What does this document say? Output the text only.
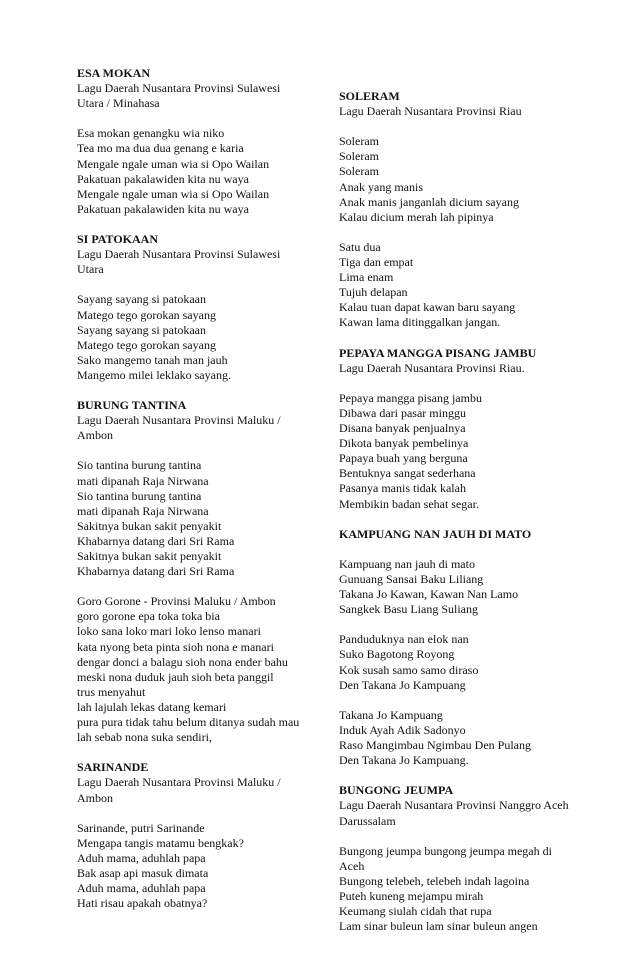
ESA MOKAN

Lagu Daerah Nusantara Provinsi Sulawesi Utara / Minahasa

Esa mokan genangku wia niko

Tea mo ma dua dua genang e karia

Mengale ngale uman wia si Opo Wailan

Pakatuan pakalawiden kita nu waya

Mengale ngale uman wia si Opo Wailan

Pakatuan pakalawiden kita nu waya

SI PATOKAAN

Lagu Daerah Nusantara Provinsi Sulawesi Utara

Sayang sayang si patokaan

Matego tego gorokan sayang

Sayang sayang si patokaan

Matego tego gorokan sayang

Sako mangemo tanah man jauh

Mangemo milei leklako sayang.

BURUNG TANTINA

Lagu Daerah Nusantara Provinsi Maluku / Ambon

Sio tantina burung tantina

mati dipanah Raja Nirwana

Sio tantina burung tantina

mati dipanah Raja Nirwana

Sakitnya bukan sakit penyakit

Khabarnya datang dari Sri Rama

Sakitnya bukan sakit penyakit

Khabarnya datang dari Sri Rama

Goro Gorone - Provinsi Maluku / Ambon

goro gorone epa toka toka bia

loko sana loko mari loko lenso manari

kata nyong beta pinta sioh nona e manari

dengar donci a balagu sioh nona ender bahu

meski nona duduk jauh sioh beta panggil

trus menyahut

lah lajulah lekas datang kemari

pura pura tidak tahu belum ditanya sudah mau

lah sebab nona suka sendiri,

SARINANDE

Lagu Daerah Nusantara Provinsi Maluku / Ambon

Sarinande, putri Sarinande

Mengapa tangis matamu bengkak?

Aduh mama, aduhlah papa

Bak asap api masuk dimata

Aduh mama, aduhlah papa

Hati risau apakah obatnya?

SOLERAM

Lagu Daerah Nusantara Provinsi Riau

Soleram

Soleram

Soleram

Anak yang manis

Anak manis janganlah dicium sayang

Kalau dicium merah lah pipinya

Satu dua

Tiga dan empat

Lima enam

Tujuh delapan

Kalau tuan dapat kawan baru sayang

Kawan lama ditinggalkan jangan.

PEPAYA MANGGA PISANG JAMBU

Lagu Daerah Nusantara Provinsi Riau.

Pepaya mangga pisang jambu

Dibawa dari pasar minggu

Disana banyak penjualnya

Dikota banyak pembelinya

Papaya buah yang berguna

Bentuknya sangat sederhana

Pasanya manis tidak kalah

Membikin badan sehat segar.

KAMPUANG NAN JAUH DI MATO

Kampuang nan jauh di mato

Gunuang Sansai Baku Liliang

Takana Jo Kawan, Kawan Nan Lamo

Sangkek Basu Liang Suliang

Panduduknya nan elok nan

Suko Bagotong Royong

Kok susah samo samo diraso

Den Takana Jo Kampuang

Takana Jo Kampuang

Induk Ayah Adik Sadonyo

Raso Mangimbau Ngimbau Den Pulang

Den Takana Jo Kampuang.

BUNGONG JEUMPA

Lagu Daerah Nusantara Provinsi Nanggro Aceh Darussalam

Bungong jeumpa bungong jeumpa megah di Aceh

Bungong telebeh, telebeh indah lagoina

Puteh kuneng mejampu mirah

Keumang siulah cidah that rupa

Lam sinar buleun lam sinar buleun angen
